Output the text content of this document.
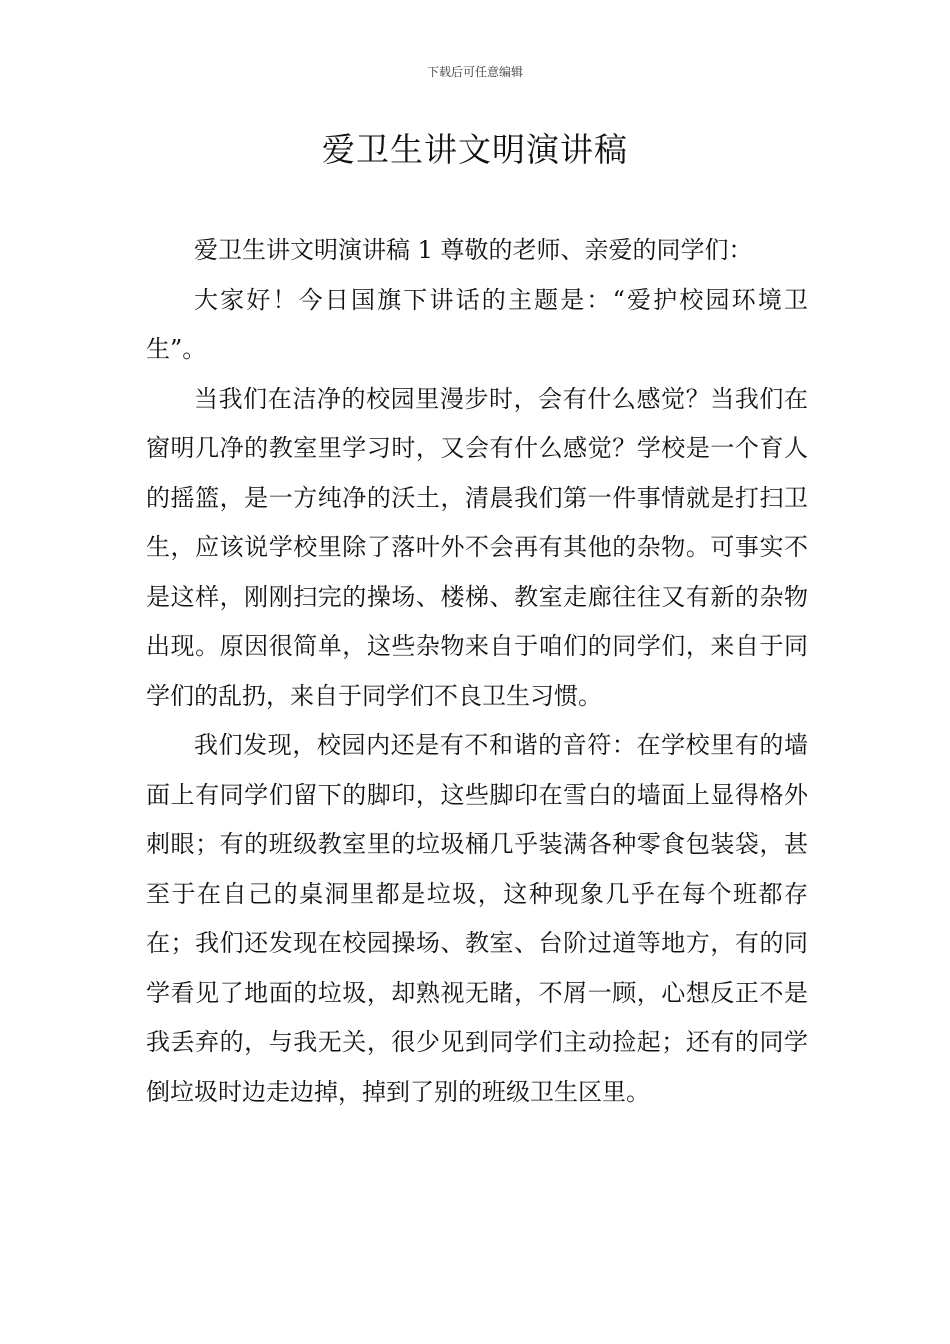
下载后可任意编辑
爱卫生讲文明演讲稿

爱卫生讲文明演讲稿 1 尊敬的老师、亲爱的同学们：

大家好！今日国旗下讲话的主题是：“爱护校园环境卫生”。

当我们在洁净的校园里漫步时，会有什么感觉？当我们在窗明几净的教室里学习时，又会有什么感觉？学校是一个育人的摇篮，是一方纯净的沃土，清晨我们第一件事情就是打扫卫生，应该说学校里除了落叶外不会再有其他的杂物。可事实不是这样，刚刚扫完的操场、楼梯、教室走廊往往又有新的杂物出现。原因很简单，这些杂物来自于咱们的同学们，来自于同学们的乱扔，来自于同学们不良卫生习惯。

我们发现，校园内还是有不和谐的音符：在学校里有的墙面上有同学们留下的脚印，这些脚印在雪白的墙面上显得格外刺眼；有的班级教室里的垃圾桶几乎装满各种零食包装袋，甚至于在自己的桌洞里都是垃圾，这种现象几乎在每个班都存在；我们还发现在校园操场、教室、台阶过道等地方，有的同学看见了地面的垃圾，却熟视无睹，不屑一顾，心想反正不是我丢弃的，与我无关，很少见到同学们主动捡起；还有的同学倒垃圾时边走边掉，掉到了别的班级卫生区里。
